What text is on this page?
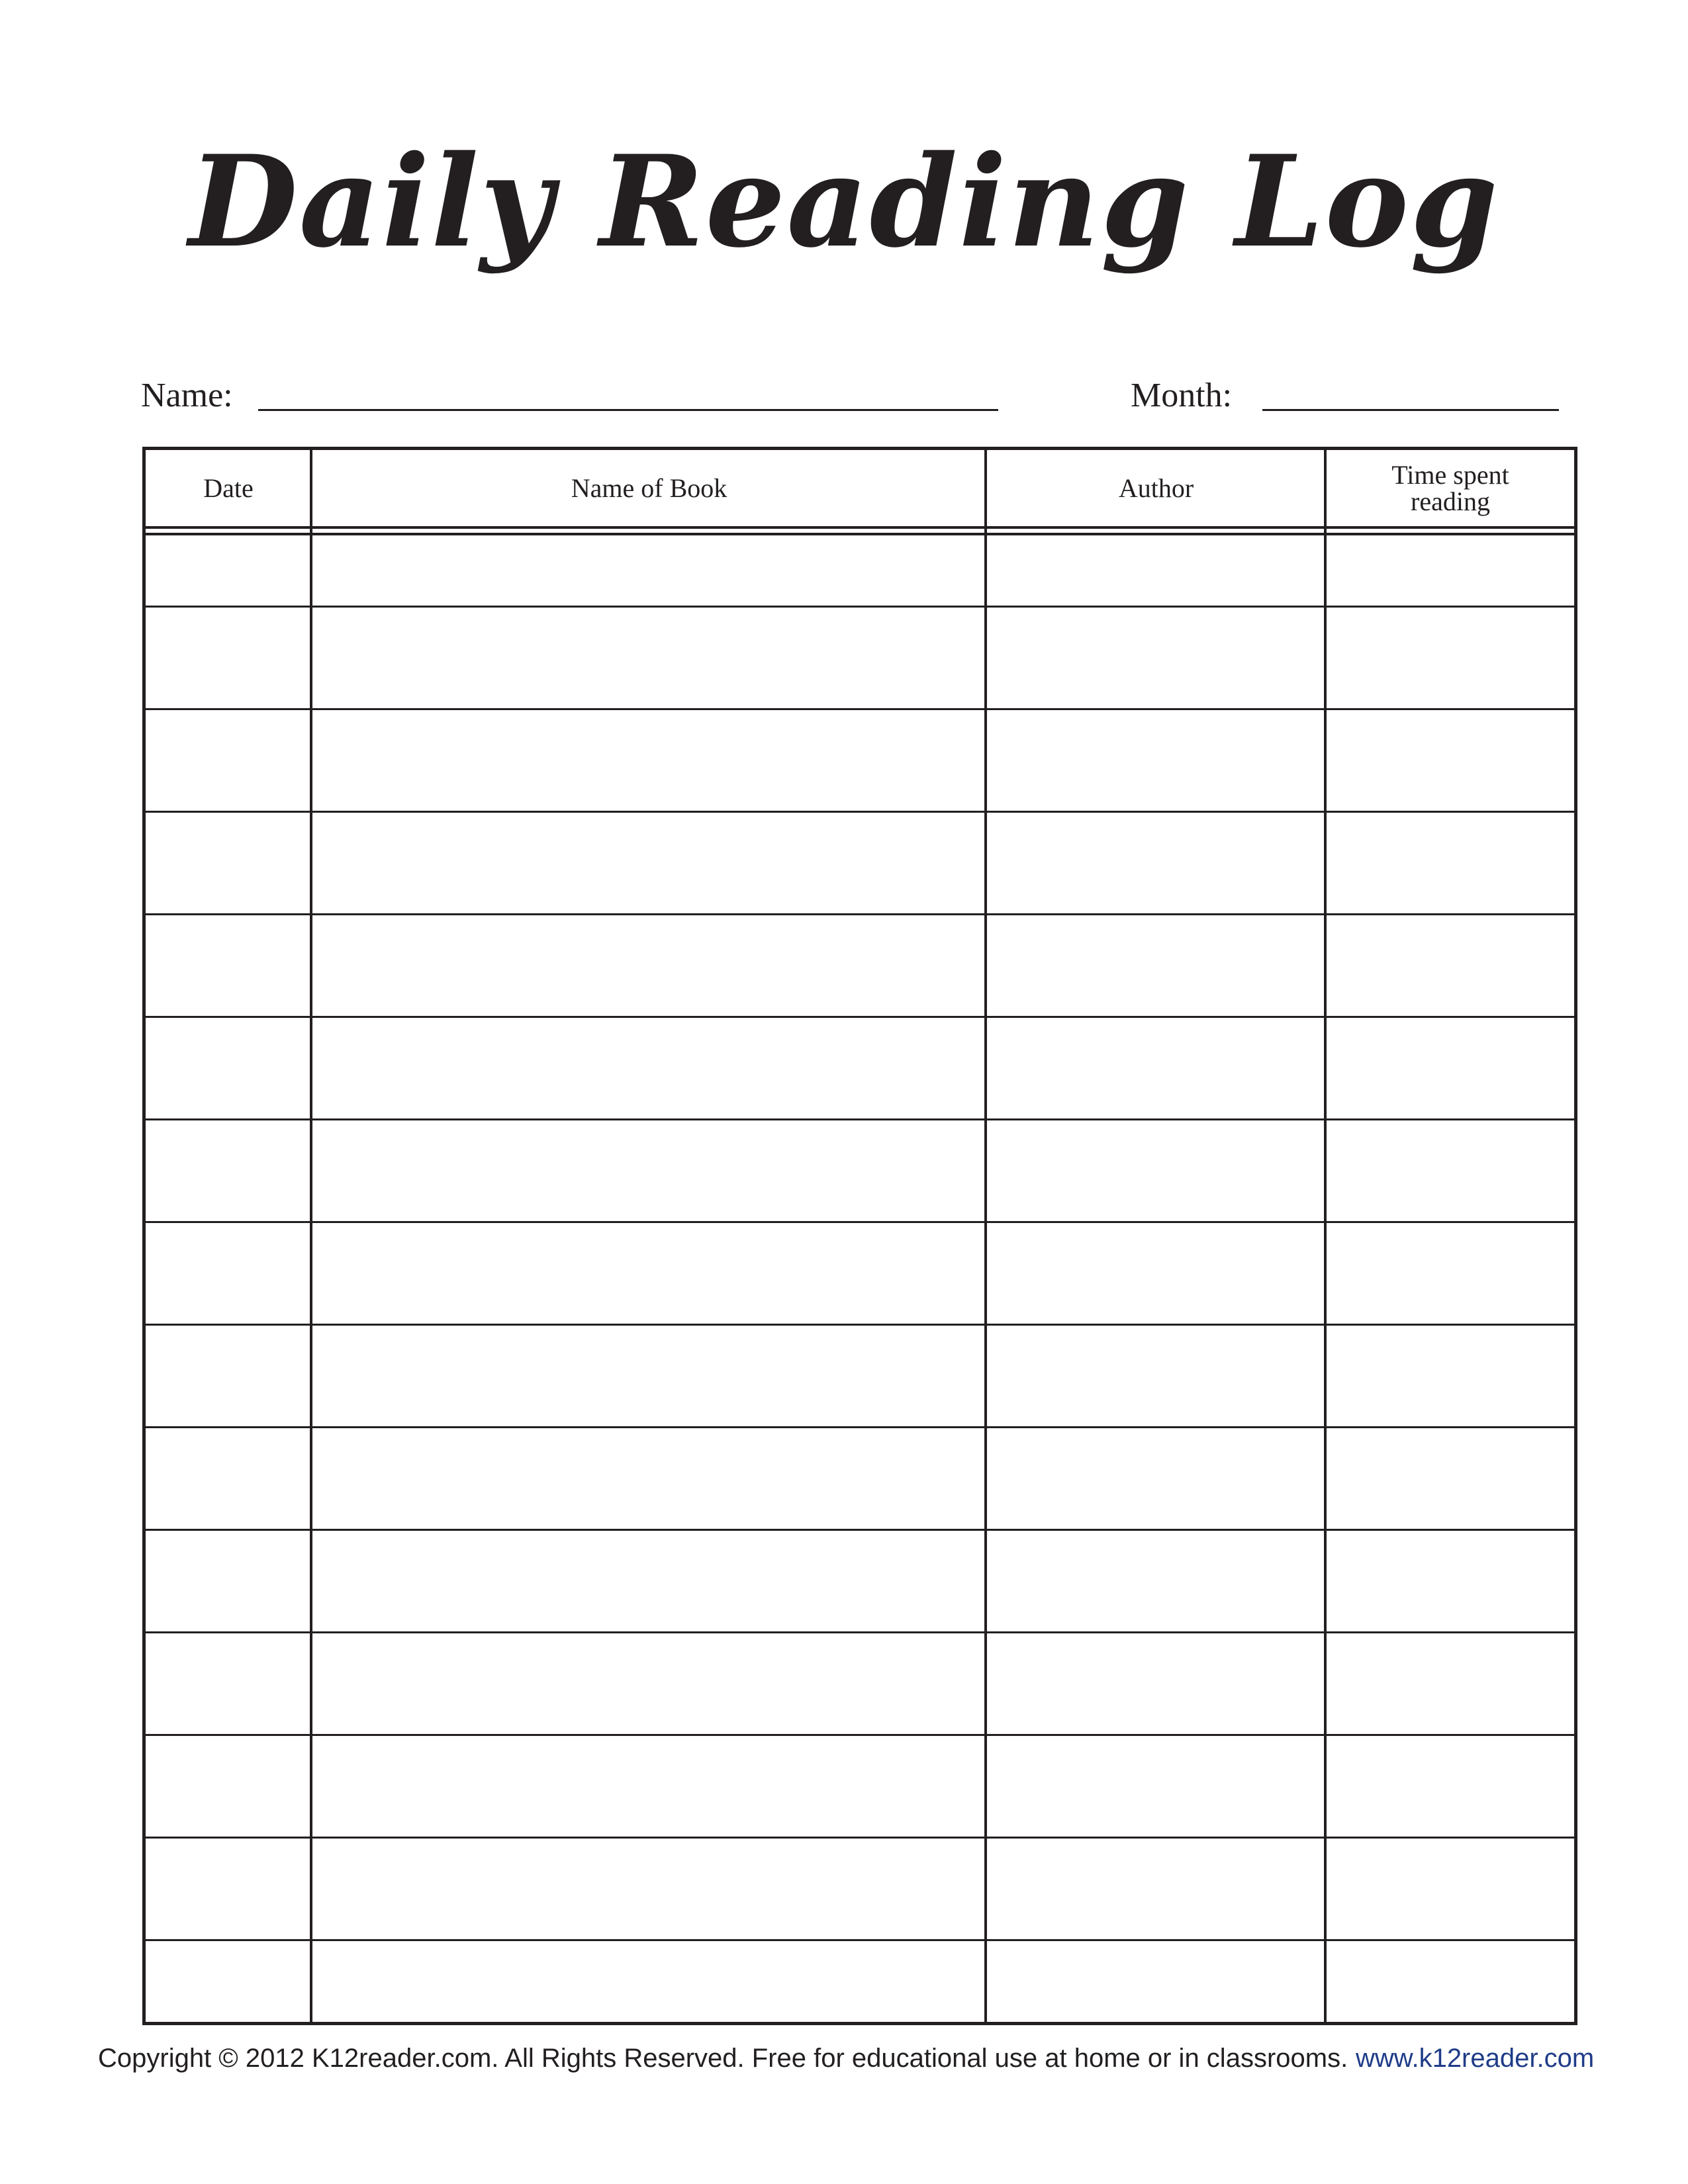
Daily Reading Log
Name:	Month:
Date	Name of Book	Author	Time spent
reading
Copyright © 2012 K12reader.com. All Rights Reserved. Free for educational use at home or in classrooms. www.k12reader.com
